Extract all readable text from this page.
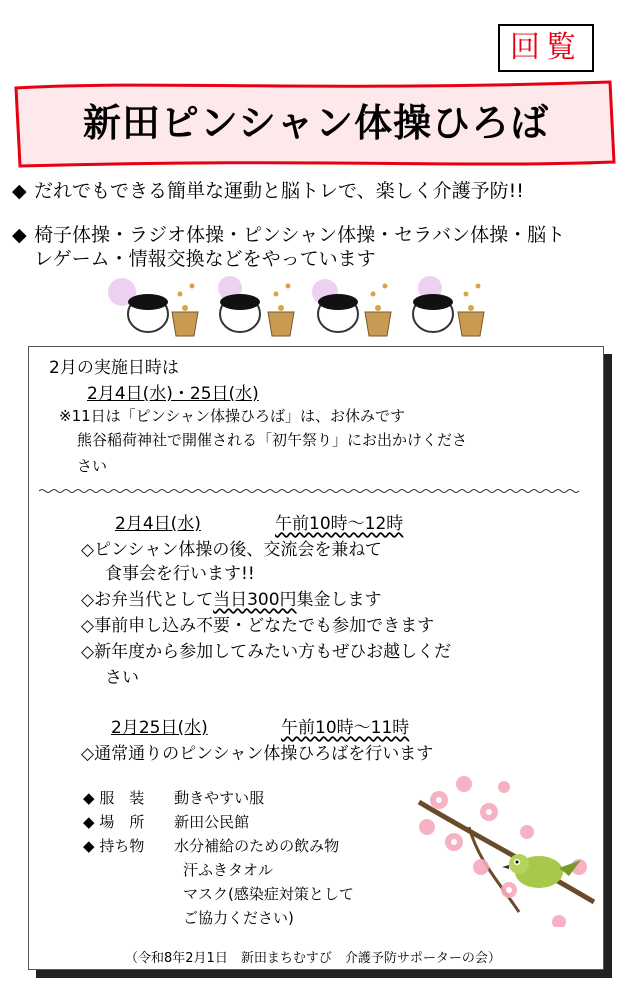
回覧
新田ピンシャン体操ひろば
◆ だれでもできる簡単な運動と脳トレで、楽しく介護予防!!
◆ 椅子体操・ラジオ体操・ピンシャン体操・セラバン体操・脳ト
レゲーム・情報交換などをやっています
2月の実施日時は
2月4日(水)・25日(水)
※11日は「ピンシャン体操ひろば」は、お休みです
熊谷稲荷神社で開催される「初午祭り」にお出かけくださ
さい
2月4日(水)	午前10時～12時
◇ピンシャン体操の後、交流会を兼ねて
食事会を行います!!
◇お弁当代として当日300円集金します
◇事前申し込み不要・どなたでも参加できます
◇新年度から参加してみたい方もぜひお越しくだ
さい
2月25日(水)	午前10時～11時
◇通常通りのピンシャン体操ひろばを行います
◆ 服　装 動きやすい服
◆ 場　所 新田公民館
◆ 持ち物 水分補給のための飲み物
汗ふきタオル
マスク(感染症対策として
ご協力ください)
（令和8年2月1日　新田まちむすび　介護予防サポーターの会）
